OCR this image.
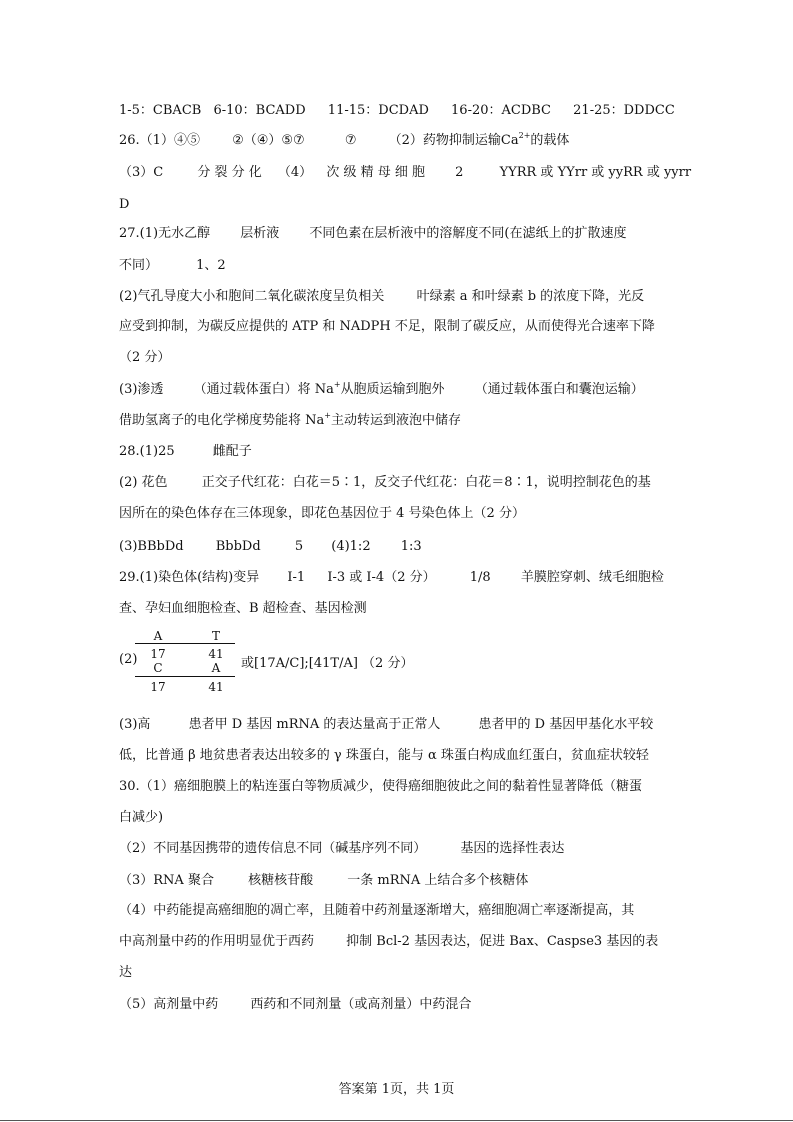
1-5：CBACB 6-10：BCADD 11-15：DCDAD 16-20：ACDBC 21-25：DDDCC
26.（1）④⑤ ②（④）⑤⑦	⑦ （2）药物抑制运输$Ca^{2+}$的载体
（3）C	分 裂 分 化 （4） 次 级 精 母 细 胞 2	YYRR 或 YYrr 或 yyRR 或 yyrr
D
27.(1)无水乙醇 层析液 不同色素在层析液中的溶解度不同(在滤纸上的扩散速度
不同）	1、2
(2)气孔导度大小和胞间二氧化碳浓度呈负相关 叶绿素 a 和叶绿素 b 的浓度下降，光反
应受到抑制，为碳反应提供的 ATP 和 NADPH 不足，限制了碳反应，从而使得光合速率下降
（2 分）
(3)渗透 （通过载体蛋白）将 Na+从胞质运输到胞外 （通过载体蛋白和囊泡运输）
借助氢离子的电化学梯度势能将 Na+主动转运到液泡中储存
28.(1)25	雌配子
(2) 花色	正交子代红花：白花＝5∶1，反交子代红花：白花＝8∶1，说明控制花色的基
因所在的染色体存在三体现象，即花色基因位于 4 号染色体上（2 分）
(3)BBbDd BbbDd	5 (4)1:2 1:3
29.(1)染色体(结构)变异 I-1 I-3 或 I-4（2 分）	1/8 羊膜腔穿刺、绒毛细胞检
查、孕妇血细胞检查、B 超检查、基因检测
(2)
A	T
17	41
C	A
17	41
或[17A/C];[41T/A] （2 分）
(3)高	患者甲 D 基因 mRNA 的表达量高于正常人	患者甲的 D 基因甲基化水平较
低，比普通 β 地贫患者表达出较多的 γ 珠蛋白，能与 α 珠蛋白构成血红蛋白，贫血症状较轻
30.（1）癌细胞膜上的粘连蛋白等物质减少，使得癌细胞彼此之间的黏着性显著降低（糖蛋
白减少)
（2）不同基因携带的遗传信息不同（碱基序列不同）	基因的选择性表达
（3）RNA 聚合	核糖核苷酸	一条 mRNA 上结合多个核糖体
（4）中药能提高癌细胞的凋亡率，且随着中药剂量逐渐增大，癌细胞凋亡率逐渐提高，其
中高剂量中药的作用明显优于西药 抑制 Bcl-2 基因表达，促进 Bax、Caspse3 基因的表
达
（5）高剂量中药 西药和不同剂量（或高剂量）中药混合
答案第 1页，共 1页
